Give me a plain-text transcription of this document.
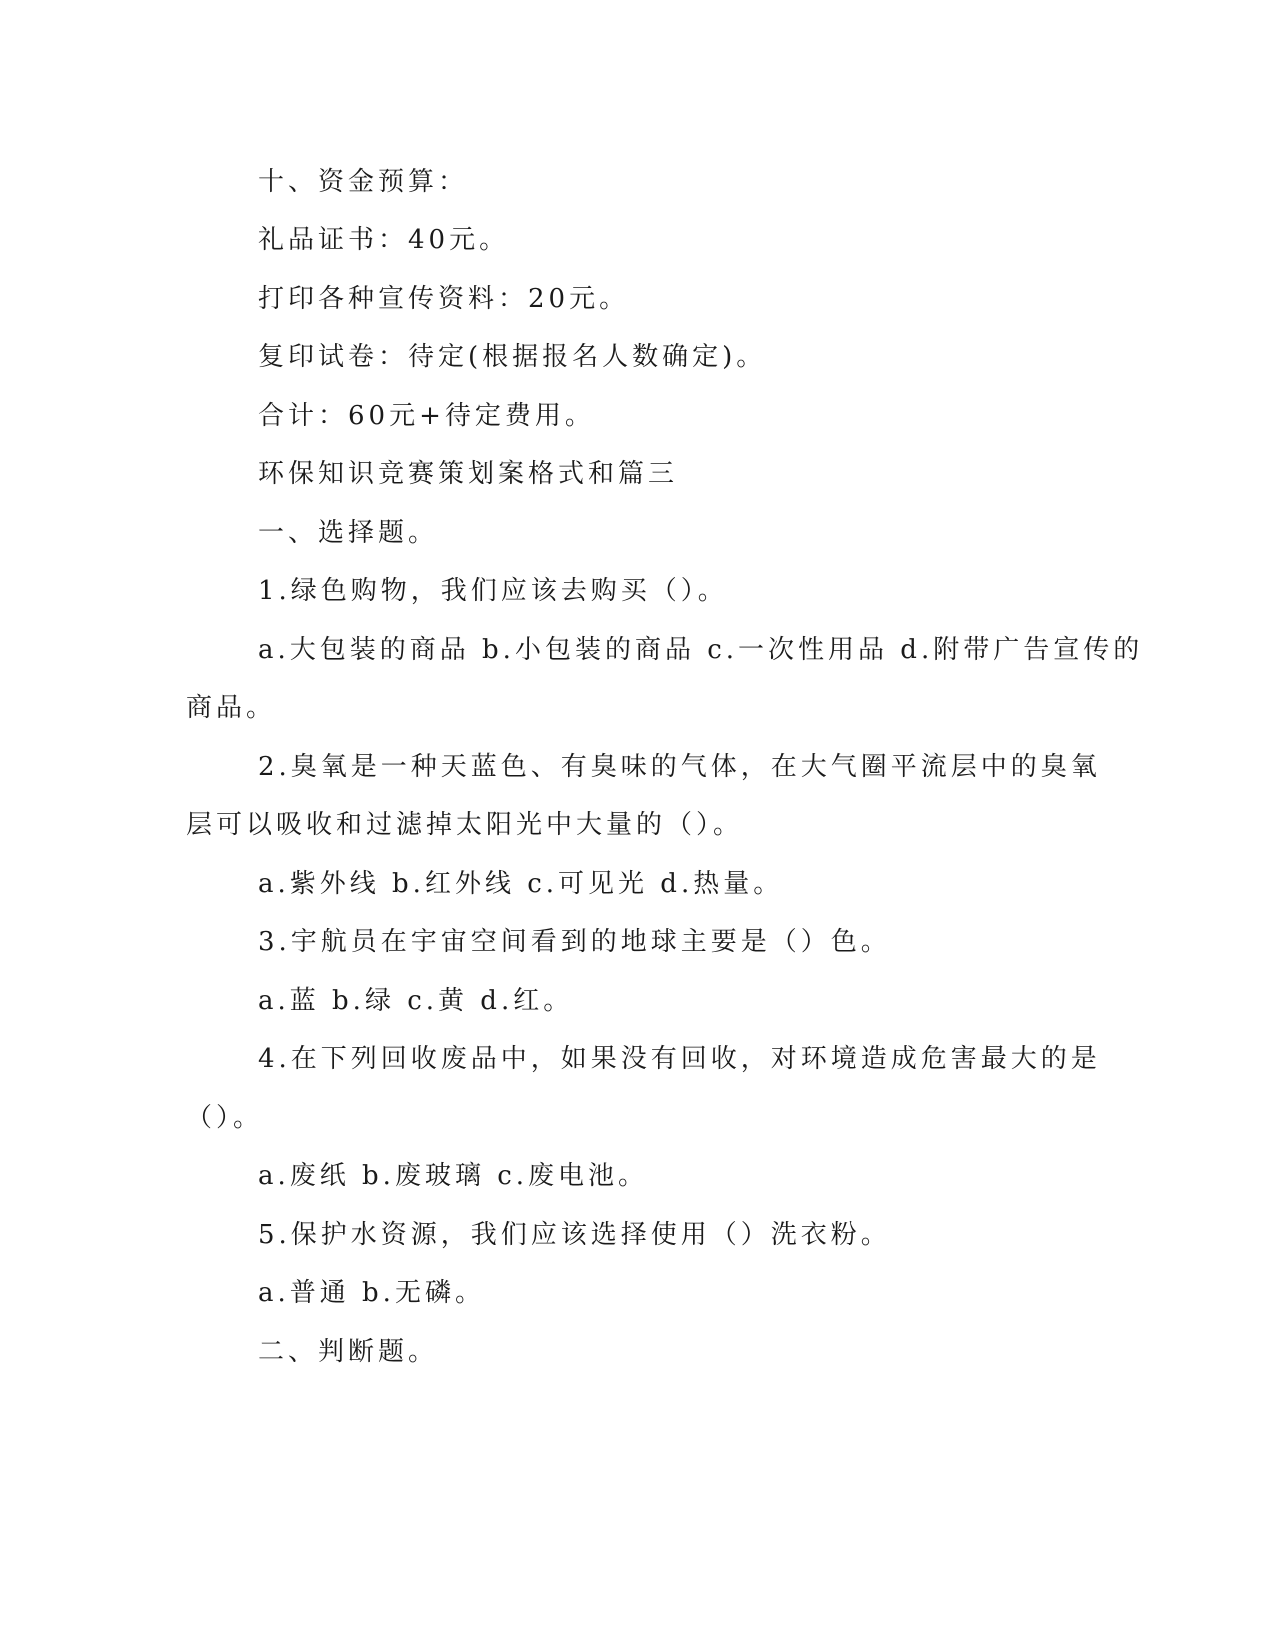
十、资金预算：
礼品证书：40元。
打印各种宣传资料：20元。
复印试卷：待定(根据报名人数确定)。
合计：60元+待定费用。
环保知识竞赛策划案格式和篇三
一、选择题。
1.绿色购物，我们应该去购买（）。
a.大包装的商品 b.小包装的商品 c.一次性用品 d.附带广告宣传的
商品。
2.臭氧是一种天蓝色、有臭味的气体，在大气圈平流层中的臭氧
层可以吸收和过滤掉太阳光中大量的（）。
a.紫外线 b.红外线 c.可见光 d.热量。
3.宇航员在宇宙空间看到的地球主要是（）色。
a.蓝 b.绿 c.黄 d.红。
4.在下列回收废品中，如果没有回收，对环境造成危害最大的是
（）。
a.废纸 b.废玻璃 c.废电池。
5.保护水资源，我们应该选择使用（）洗衣粉。
a.普通 b.无磷。
二、判断题。
